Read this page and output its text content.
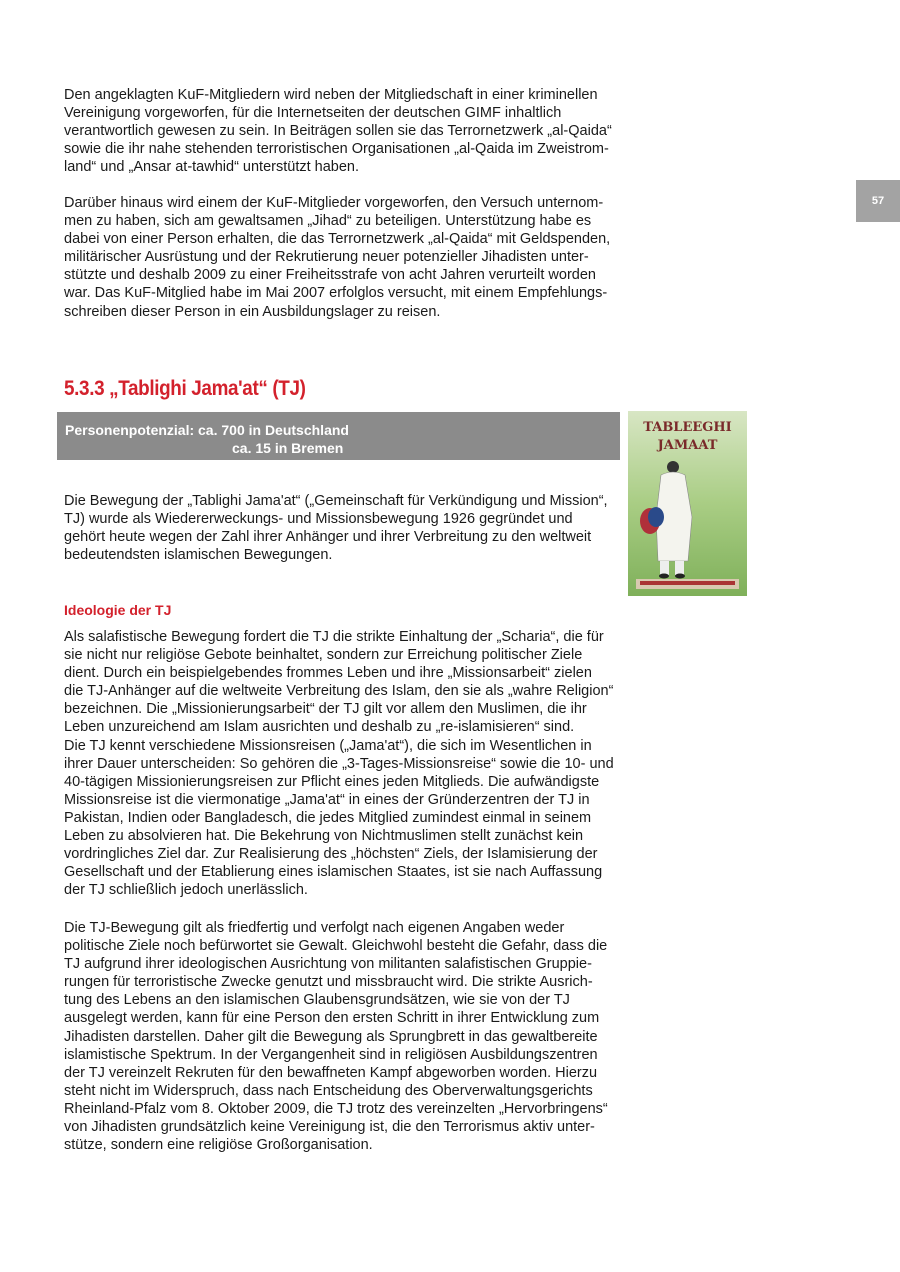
57
Den angeklagten KuF-Mitgliedern wird neben der Mitgliedschaft in einer kriminellen
Vereinigung vorgeworfen, für die Internetseiten der deutschen GIMF inhaltlich
verantwortlich gewesen zu sein. In Beiträgen sollen sie das Terrornetzwerk „al-Qaida“
sowie die ihr nahe stehenden terroristischen Organisationen „al-Qaida im Zweistrom-
land“ und „Ansar at-tawhid“ unterstützt haben.
Darüber hinaus wird einem der KuF-Mitglieder vorgeworfen, den Versuch unternom-
men zu haben, sich am gewaltsamen „Jihad“ zu beteiligen. Unterstützung habe es
dabei von einer Person erhalten, die das Terrornetzwerk „al-Qaida“ mit Geldspenden,
militärischer Ausrüstung und der Rekrutierung neuer potenzieller Jihadisten unter-
stützte und deshalb 2009 zu einer Freiheitsstrafe von acht Jahren verurteilt worden
war. Das KuF-Mitglied habe im Mai 2007 erfolglos versucht, mit einem Empfehlungs-
schreiben dieser Person in ein Ausbildungslager zu reisen.
5.3.3 „Tablighi Jama'at“ (TJ)
Personenpotenzial: ca. 700 in Deutschland
ca. 15 in Bremen
TABLEEGHI
JAMAAT
Die Bewegung der „Tablighi Jama'at“ („Gemeinschaft für Verkündigung und Mission“,
TJ) wurde als Wiedererweckungs- und Missionsbewegung 1926 gegründet und
gehört heute wegen der Zahl ihrer Anhänger und ihrer Verbreitung zu den weltweit
bedeutendsten islamischen Bewegungen.
Ideologie der TJ
Als salafistische Bewegung fordert die TJ die strikte Einhaltung der „Scharia“, die für
sie nicht nur religiöse Gebote beinhaltet, sondern zur Erreichung politischer Ziele
dient. Durch ein beispielgebendes frommes Leben und ihre „Missionsarbeit“ zielen
die TJ-Anhänger auf die weltweite Verbreitung des Islam, den sie als „wahre Religion“
bezeichnen. Die „Missionierungsarbeit“ der TJ gilt vor allem den Muslimen, die ihr
Leben unzureichend am Islam ausrichten und deshalb zu „re-islamisieren“ sind.
Die TJ kennt verschiedene Missionsreisen („Jama'at“), die sich im Wesentlichen in
ihrer Dauer unterscheiden: So gehören die „3-Tages-Missionsreise“ sowie die 10- und
40-tägigen Missionierungsreisen zur Pflicht eines jeden Mitglieds. Die aufwändigste
Missionsreise ist die viermonatige „Jama'at“ in eines der Gründerzentren der TJ in
Pakistan, Indien oder Bangladesch, die jedes Mitglied zumindest einmal in seinem
Leben zu absolvieren hat. Die Bekehrung von Nichtmuslimen stellt zunächst kein
vordringliches Ziel dar. Zur Realisierung des „höchsten“ Ziels, der Islamisierung der
Gesellschaft und der Etablierung eines islamischen Staates, ist sie nach Auffassung
der TJ schließlich jedoch unerlässlich.
Die TJ-Bewegung gilt als friedfertig und verfolgt nach eigenen Angaben weder
politische Ziele noch befürwortet sie Gewalt. Gleichwohl besteht die Gefahr, dass die
TJ aufgrund ihrer ideologischen Ausrichtung von militanten salafistischen Gruppie-
rungen für terroristische Zwecke genutzt und missbraucht wird. Die strikte Ausrich-
tung des Lebens an den islamischen Glaubensgrundsätzen, wie sie von der TJ
ausgelegt werden, kann für eine Person den ersten Schritt in ihrer Entwicklung zum
Jihadisten darstellen. Daher gilt die Bewegung als Sprungbrett in das gewaltbereite
islamistische Spektrum. In der Vergangenheit sind in religiösen Ausbildungszentren
der TJ vereinzelt Rekruten für den bewaffneten Kampf abgeworben worden. Hierzu
steht nicht im Widerspruch, dass nach Entscheidung des Oberverwaltungsgerichts
Rheinland-Pfalz vom 8. Oktober 2009, die TJ trotz des vereinzelten „Hervorbringens“
von Jihadisten grundsätzlich keine Vereinigung ist, die den Terrorismus aktiv unter-
stütze, sondern eine religiöse Großorganisation.
